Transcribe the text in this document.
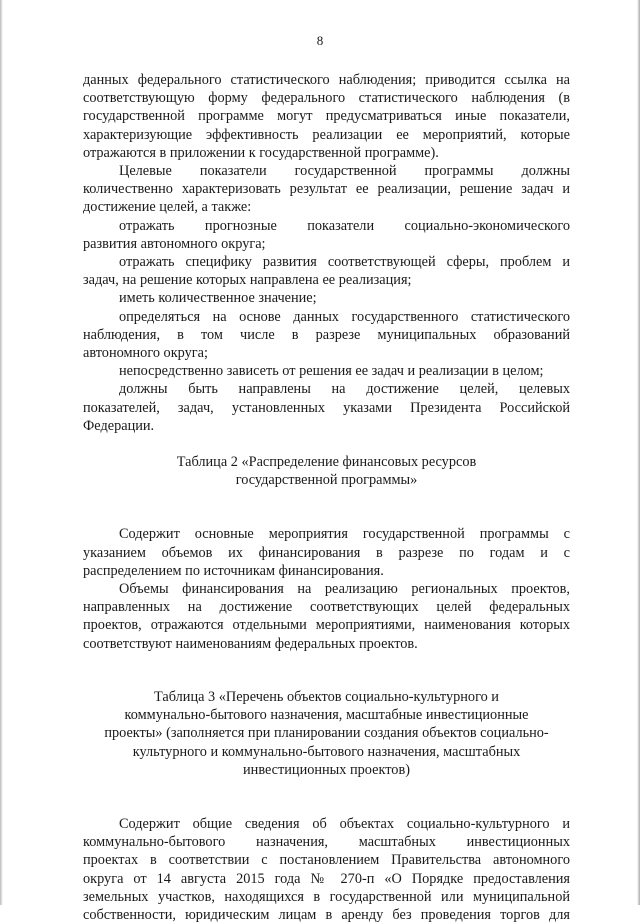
8

данных федерального статистического наблюдения; приводится ссылка на

соответствующую форму федерального статистического наблюдения (в

государственной программе могут предусматриваться иные показатели,

характеризующие эффективность реализации ее мероприятий, которые

отражаются в приложении к государственной программе).

Целевые показатели государственной программы должны

количественно характеризовать результат ее реализации, решение задач и

достижение целей, а также:

отражать прогнозные показатели социально-экономического

развития автономного округа;

отражать специфику развития соответствующей сферы, проблем и

задач, на решение которых направлена ее реализация;

иметь количественное значение;

определяться на основе данных государственного статистического

наблюдения, в том числе в разрезе муниципальных образований

автономного округа;

непосредственно зависеть от решения ее задач и реализации в целом;

должны быть направлены на достижение целей, целевых

показателей, задач, установленных указами Президента Российской

Федерации.

Таблица 2 «Распределение финансовых ресурсов

государственной программы»

Содержит основные мероприятия государственной программы с

указанием объемов их финансирования в разрезе по годам и с

распределением по источникам финансирования.

Объемы финансирования на реализацию региональных проектов,

направленных на достижение соответствующих целей федеральных

проектов, отражаются отдельными мероприятиями, наименования которых

соответствуют наименованиям федеральных проектов.

Таблица 3 «Перечень объектов социально-культурного и

коммунально-бытового назначения, масштабные инвестиционные

проекты» (заполняется при планировании создания объектов социально-

культурного и коммунально-бытового назначения, масштабных

инвестиционных проектов)

Содержит общие сведения об объектах социально-культурного и

коммунально-бытового назначения, масштабных инвестиционных

проектах в соответствии с постановлением Правительства автономного

округа от 14 августа 2015 года № 270-п «О Порядке предоставления

земельных участков, находящихся в государственной или муниципальной

собственности, юридическим лицам в аренду без проведения торгов для
